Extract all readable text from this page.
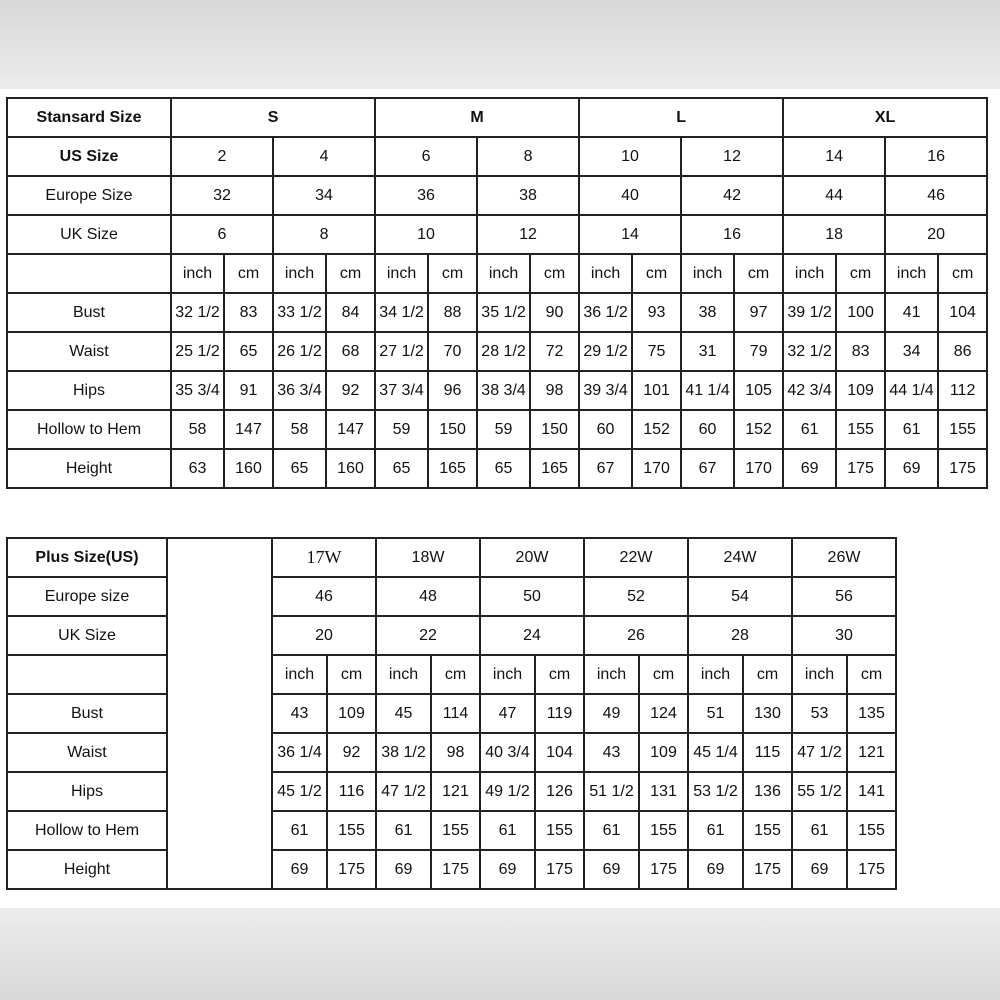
Stansard Size	S				M				L				XL			
US Size	2		4		6		8		10		12		14		16	
Europe Size	32		34		36		38		40		42		44		46	
UK Size	6		8		10		12		14		16		18		20	
	inch	cm	inch	cm	inch	cm	inch	cm	inch	cm	inch	cm	inch	cm	inch	cm
Bust	32 1/2	83	33 1/2	84	34 1/2	88	35 1/2	90	36 1/2	93	38	97	39 1/2	100	41	104
Waist	25 1/2	65	26 1/2	68	27 1/2	70	28 1/2	72	29 1/2	75	31	79	32 1/2	83	34	86
Hips	35 3/4	91	36 3/4	92	37 3/4	96	38 3/4	98	39 3/4	101	41 1/4	105	42 3/4	109	44 1/4	112
Hollow to Hem	58	147	58	147	59	150	59	150	60	152	60	152	61	155	61	155
Height	63	160	65	160	65	165	65	165	67	170	67	170	69	175	69	175
Plus Size(US)		17W		18W		20W		22W		24W		26W	
Europe size		46		48		50		52		54		56	
UK Size		20		22		24		26		28		30	
		inch	cm	inch	cm	inch	cm	inch	cm	inch	cm	inch	cm
Bust		43	109	45	114	47	119	49	124	51	130	53	135
Waist		36 1/4	92	38 1/2	98	40 3/4	104	43	109	45 1/4	115	47 1/2	121
Hips		45 1/2	116	47 1/2	121	49 1/2	126	51 1/2	131	53 1/2	136	55 1/2	141
Hollow to Hem		61	155	61	155	61	155	61	155	61	155	61	155
Height		69	175	69	175	69	175	69	175	69	175	69	175
